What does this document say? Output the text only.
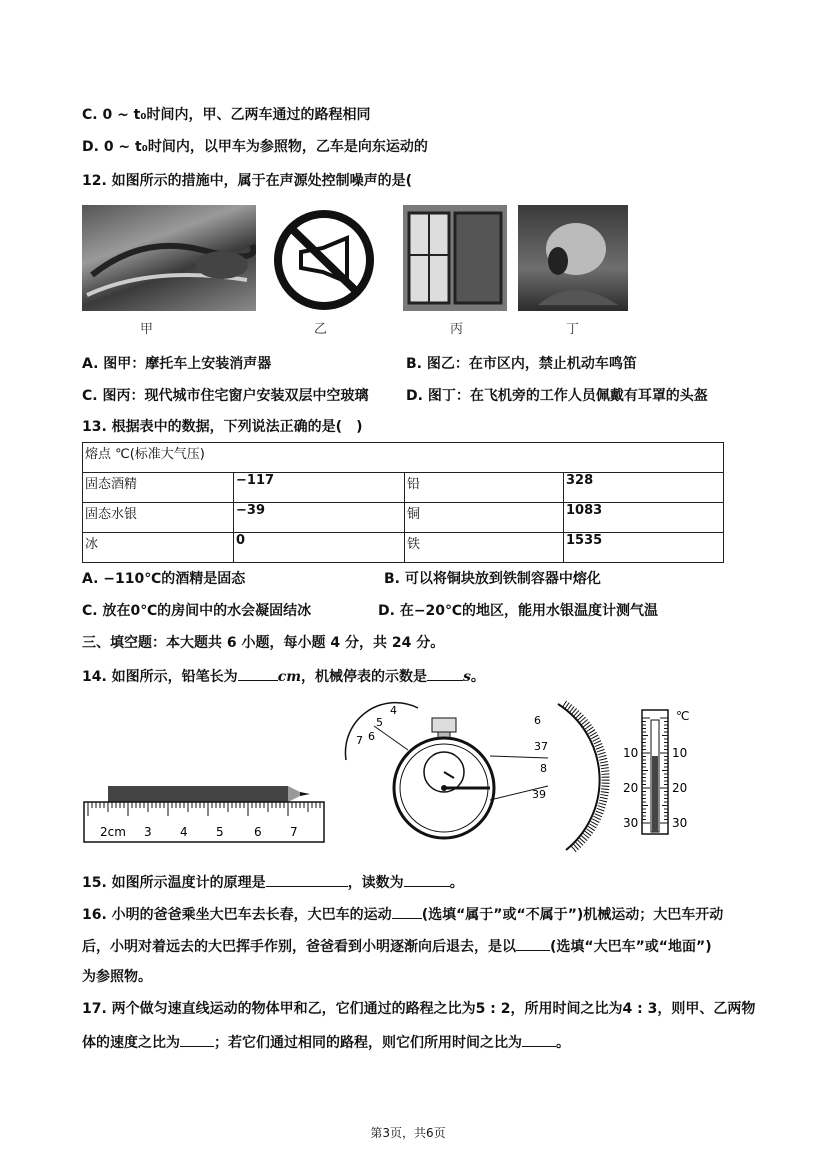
C. 0 ~ t₀时间内，甲、乙两车通过的路程相同
D. 0 ~ t₀时间内，以甲车为参照物，乙车是向东运动的
12. 如图所示的措施中，属于在声源处控制噪声的是(
甲	乙	丙	丁
A. 图甲：摩托车上安装消声器	B. 图乙：在市区内，禁止机动车鸣笛
C. 图丙：现代城市住宅窗户安装双层中空玻璃	D. 图丁：在飞机旁的工作人员佩戴有耳罩的头盔
13. 根据表中的数据，下列说法正确的是(　)
熔点 ℃(标准大气压)			
固态酒精	−117	铅	328
固态水银	−39	铜	1083
冰	0	铁	1535
A. −110℃的酒精是固态	B. 可以将铜块放到铁制容器中熔化
C. 放在0℃的房间中的水会凝固结冰	D. 在−20℃的地区，能用水银温度计测气温
三、填空题：本大题共 6 小题，每小题 4 分，共 24 分。
14. 如图所示，铅笔长为	cm，机械停表的示数是	s。
2cm 3 4 5	6 7
4
5
6
7
6
37
8
39
℃
10
20
30
10
20
30
15. 如图所示温度计的原理是	，读数为	。
16. 小明的爸爸乘坐大巴车去长春，大巴车的运动 (选填“属于”或“不属于”)机械运动；大巴车开动
后，小明对着远去的大巴挥手作别，爸爸看到小明逐渐向后退去，是以 (选填“大巴车”或“地面”)
为参照物。
17. 两个做匀速直线运动的物体甲和乙，它们通过的路程之比为5 : 2，所用时间之比为4 : 3，则甲、乙两物
体的速度之比为 ；若它们通过相同的路程，则它们所用时间之比为 。
第3页，共6页
